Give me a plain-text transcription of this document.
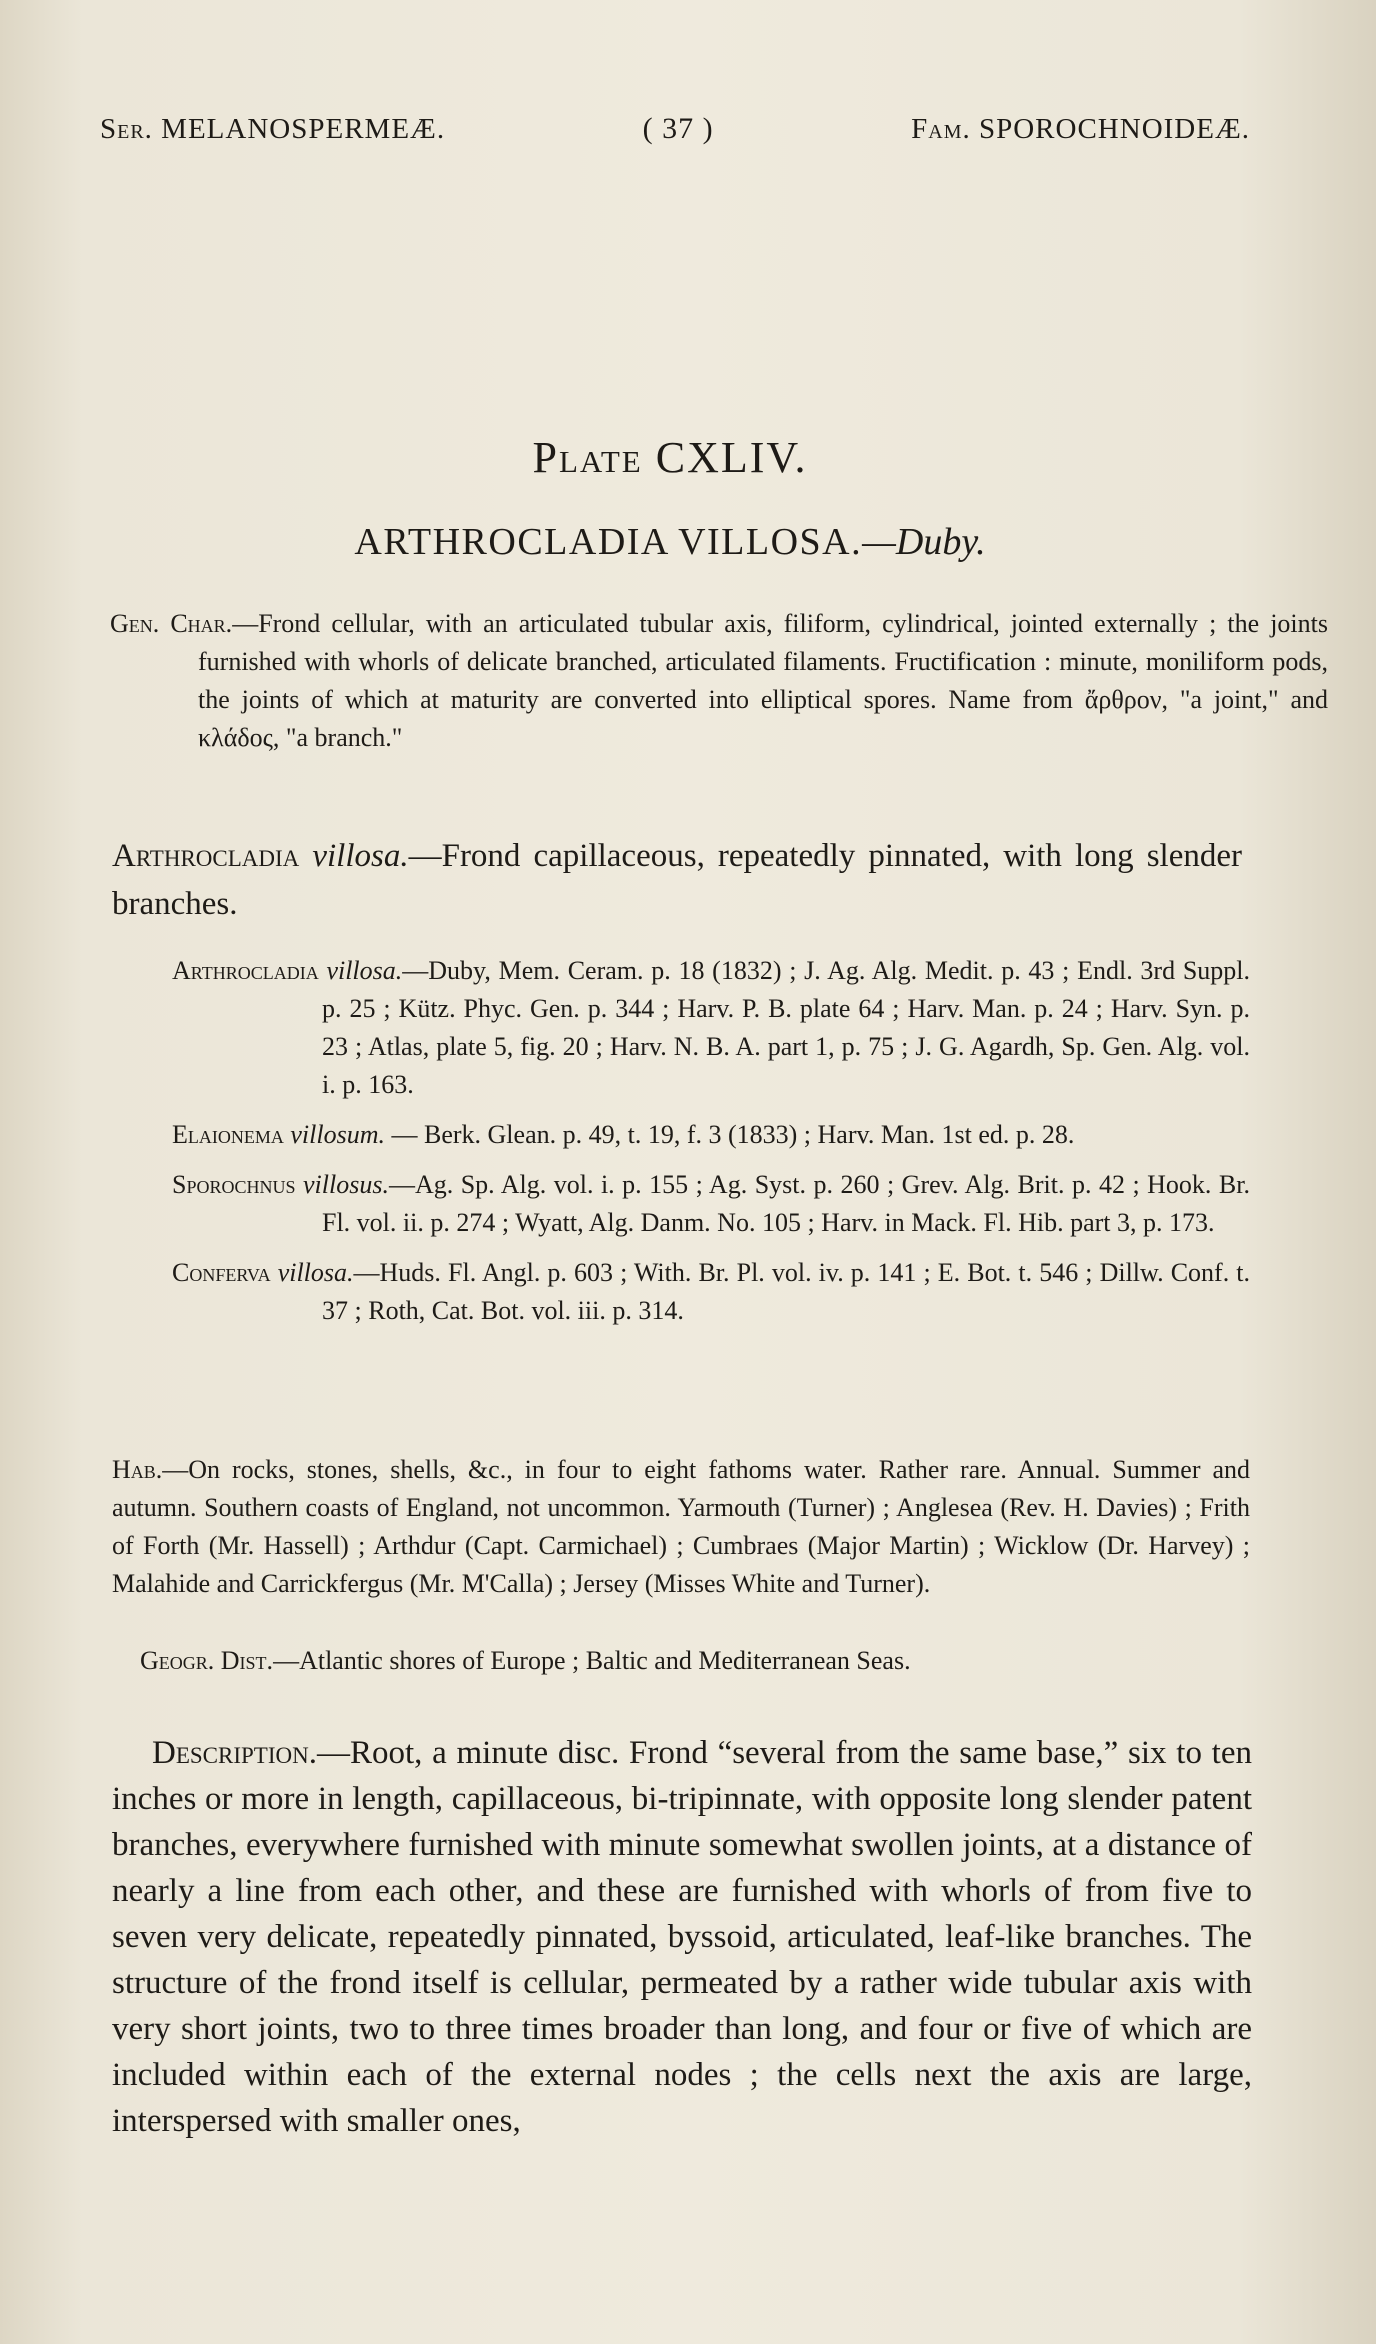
Ser. MELANOSPERMEÆ.	( 37 )	Fam. SPOROCHNOIDEÆ.
Plate CXLIV.
ARTHROCLADIA VILLOSA.—Duby.
Gen. Char.—Frond cellular, with an articulated tubular axis, filiform, cylindrical, jointed externally ; the joints furnished with whorls of delicate branched, articulated filaments. Fructification : minute, moniliform pods, the joints of which at maturity are converted into elliptical spores. Name from ἄρθρον, "a joint," and κλάδος, "a branch."

Arthrocladia villosa.—Frond capillaceous, repeatedly pinnated, with long slender branches.

Arthrocladia villosa.—Duby, Mem. Ceram. p. 18 (1832) ; J. Ag. Alg. Medit. p. 43 ; Endl. 3rd Suppl. p. 25 ; Kütz. Phyc. Gen. p. 344 ; Harv. P. B. plate 64 ; Harv. Man. p. 24 ; Harv. Syn. p. 23 ; Atlas, plate 5, fig. 20 ; Harv. N. B. A. part 1, p. 75 ; J. G. Agardh, Sp. Gen. Alg. vol. i. p. 163.
Elaionema villosum. — Berk. Glean. p. 49, t. 19, f. 3 (1833) ; Harv. Man. 1st ed. p. 28.
Sporochnus villosus.—Ag. Sp. Alg. vol. i. p. 155 ; Ag. Syst. p. 260 ; Grev. Alg. Brit. p. 42 ; Hook. Br. Fl. vol. ii. p. 274 ; Wyatt, Alg. Danm. No. 105 ; Harv. in Mack. Fl. Hib. part 3, p. 173.
Conferva villosa.—Huds. Fl. Angl. p. 603 ; With. Br. Pl. vol. iv. p. 141 ; E. Bot. t. 546 ; Dillw. Conf. t. 37 ; Roth, Cat. Bot. vol. iii. p. 314.

Hab.—On rocks, stones, shells, &c., in four to eight fathoms water. Rather rare. Annual. Summer and autumn. Southern coasts of England, not uncommon. Yarmouth (Turner) ; Anglesea (Rev. H. Davies) ; Frith of Forth (Mr. Hassell) ; Arthdur (Capt. Carmichael) ; Cumbraes (Major Martin) ; Wicklow (Dr. Harvey) ; Malahide and Carrickfergus (Mr. M'Calla) ; Jersey (Misses White and Turner).

Geogr. Dist.—Atlantic shores of Europe ; Baltic and Mediterranean Seas.

Description.—Root, a minute disc. Frond “several from the same base,” six to ten inches or more in length, capillaceous, bi-tripinnate, with opposite long slender patent branches, everywhere furnished with minute somewhat swollen joints, at a distance of nearly a line from each other, and these are furnished with whorls of from five to seven very delicate, repeatedly pinnated, byssoid, articulated, leaf-like branches. The structure of the frond itself is cellular, permeated by a rather wide tubular axis with very short joints, two to three times broader than long, and four or five of which are included within each of the external nodes ; the cells next the axis are large, interspersed with smaller ones,
